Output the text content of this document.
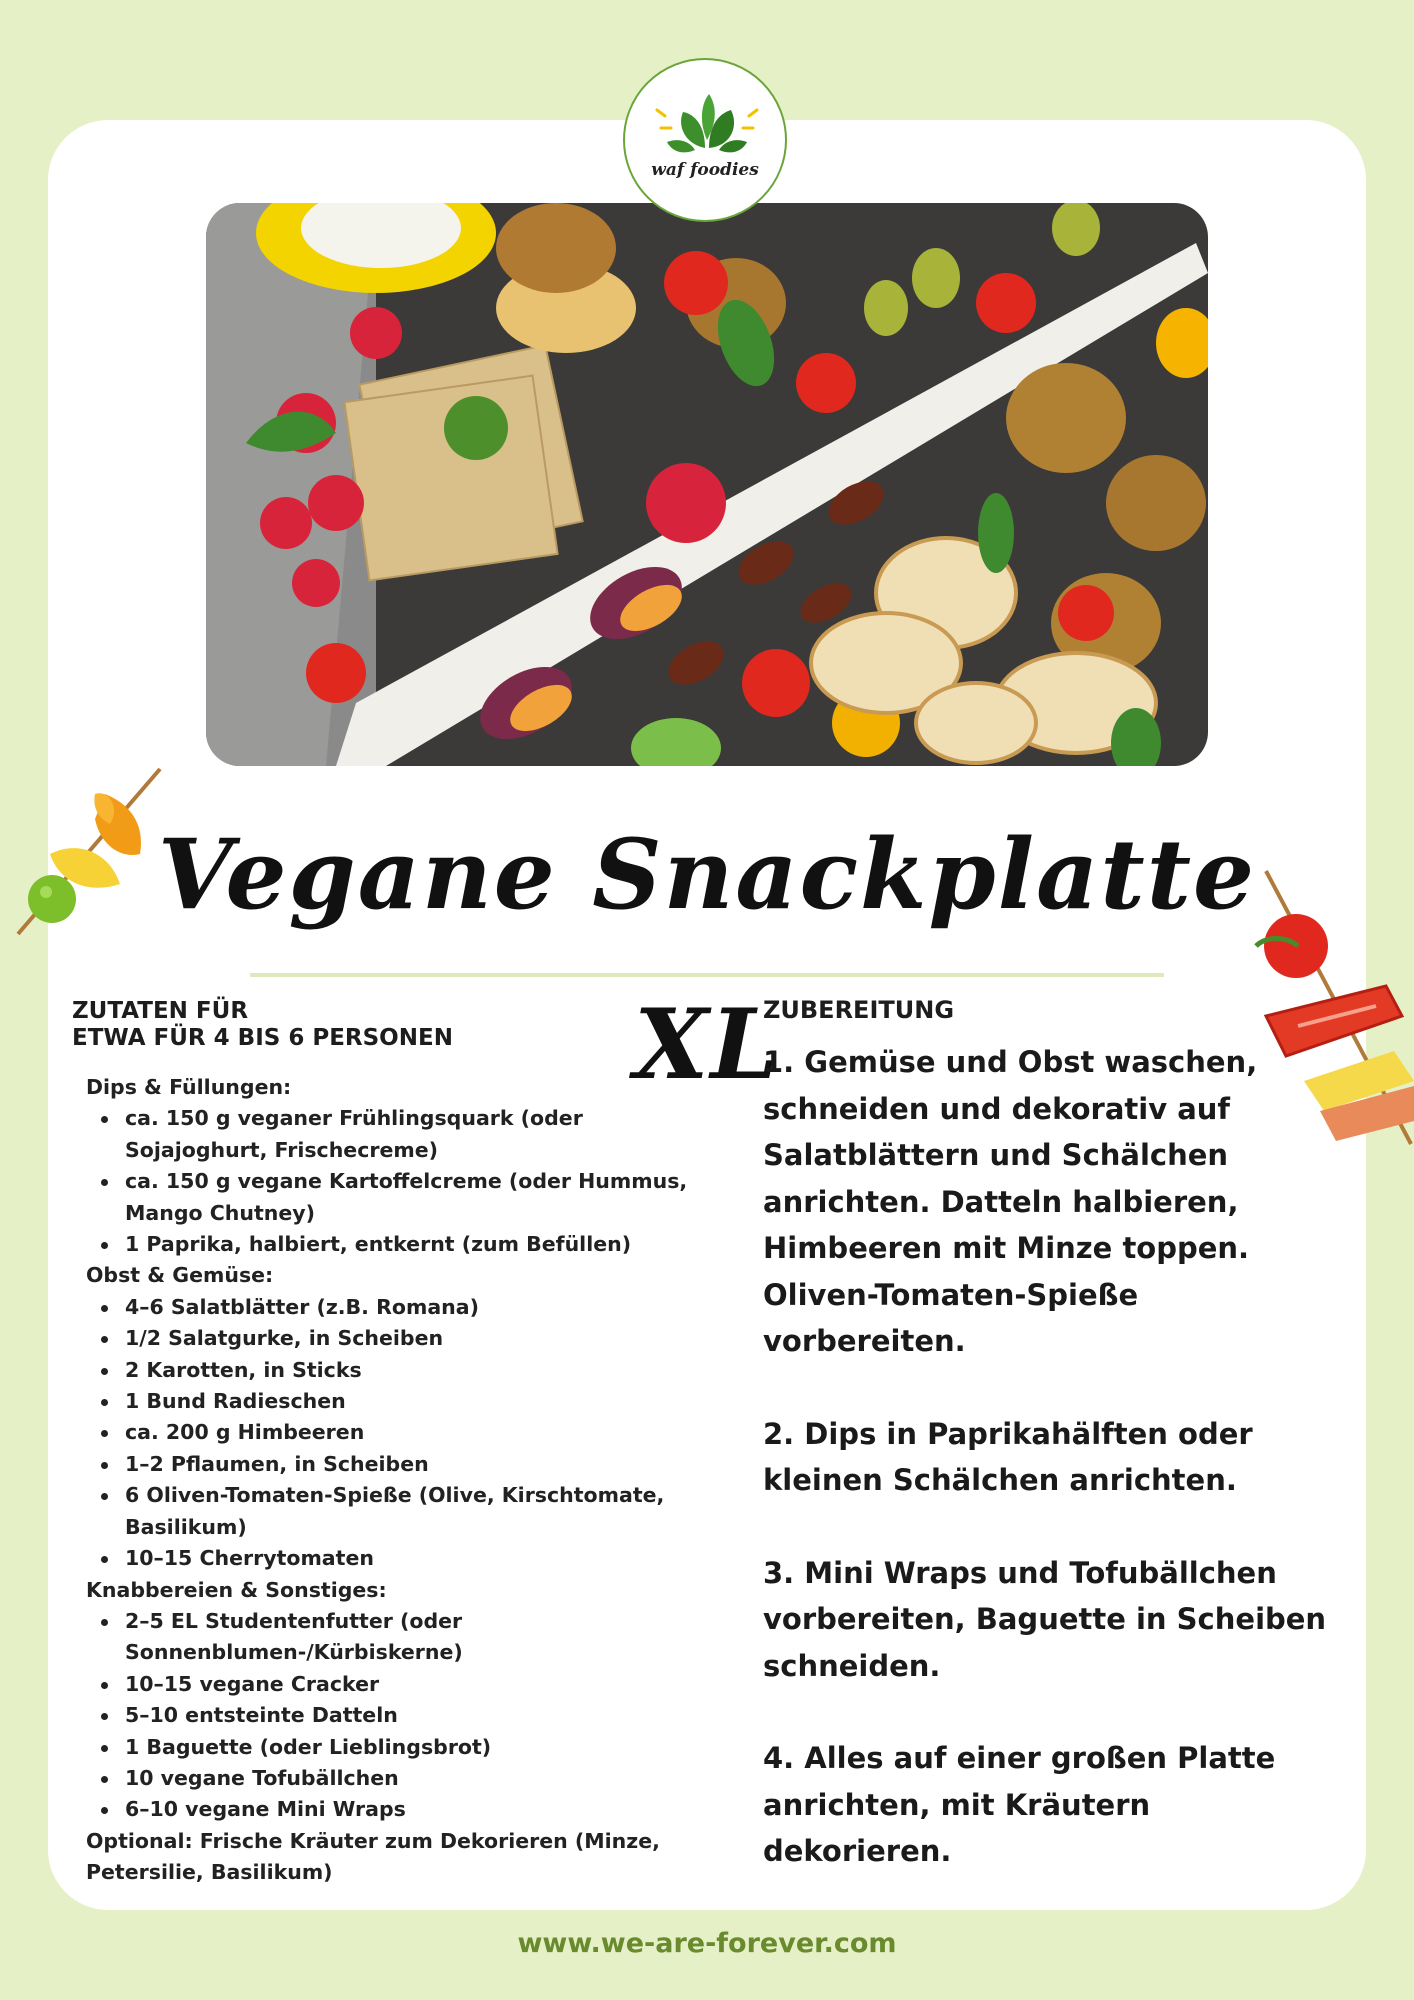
waf foodies
Vegane Snackplatte XL
ZUTATEN FÜR
ETWA FÜR 4 BIS 6 PERSONEN
Dips & Füllungen:
ca. 150 g veganer Frühlingsquark (oder Sojajoghurt, Frischecreme)
ca. 150 g vegane Kartoffelcreme (oder Hummus, Mango Chutney)
1 Paprika, halbiert, entkernt (zum Befüllen)
Obst & Gemüse:
4–6 Salatblätter (z.B. Romana)
1/2 Salatgurke, in Scheiben
2 Karotten, in Sticks
1 Bund Radieschen
ca. 200 g Himbeeren
1–2 Pflaumen, in Scheiben
6 Oliven-Tomaten-Spieße (Olive, Kirschtomate, Basilikum)
10–15 Cherrytomaten
Knabbereien & Sonstiges:
2–5 EL Studentenfutter (oder Sonnenblumen-/Kürbiskerne)
10–15 vegane Cracker
5–10 entsteinte Datteln
1 Baguette (oder Lieblingsbrot)
10 vegane Tofubällchen
6–10 vegane Mini Wraps
Optional: Frische Kräuter zum Dekorieren (Minze, Petersilie, Basilikum)
ZUBEREITUNG

1. Gemüse und Obst waschen, schneiden und dekorativ auf Salatblättern und Schälchen anrichten. Datteln halbieren, Himbeeren mit Minze toppen. Oliven-Tomaten-Spieße vorbereiten.

2. Dips in Paprikahälften oder kleinen Schälchen anrichten.

3. Mini Wraps und Tofubällchen vorbereiten, Baguette in Scheiben schneiden.

4. Alles auf einer großen Platte anrichten, mit Kräutern dekorieren.

www.we-are-forever.com
